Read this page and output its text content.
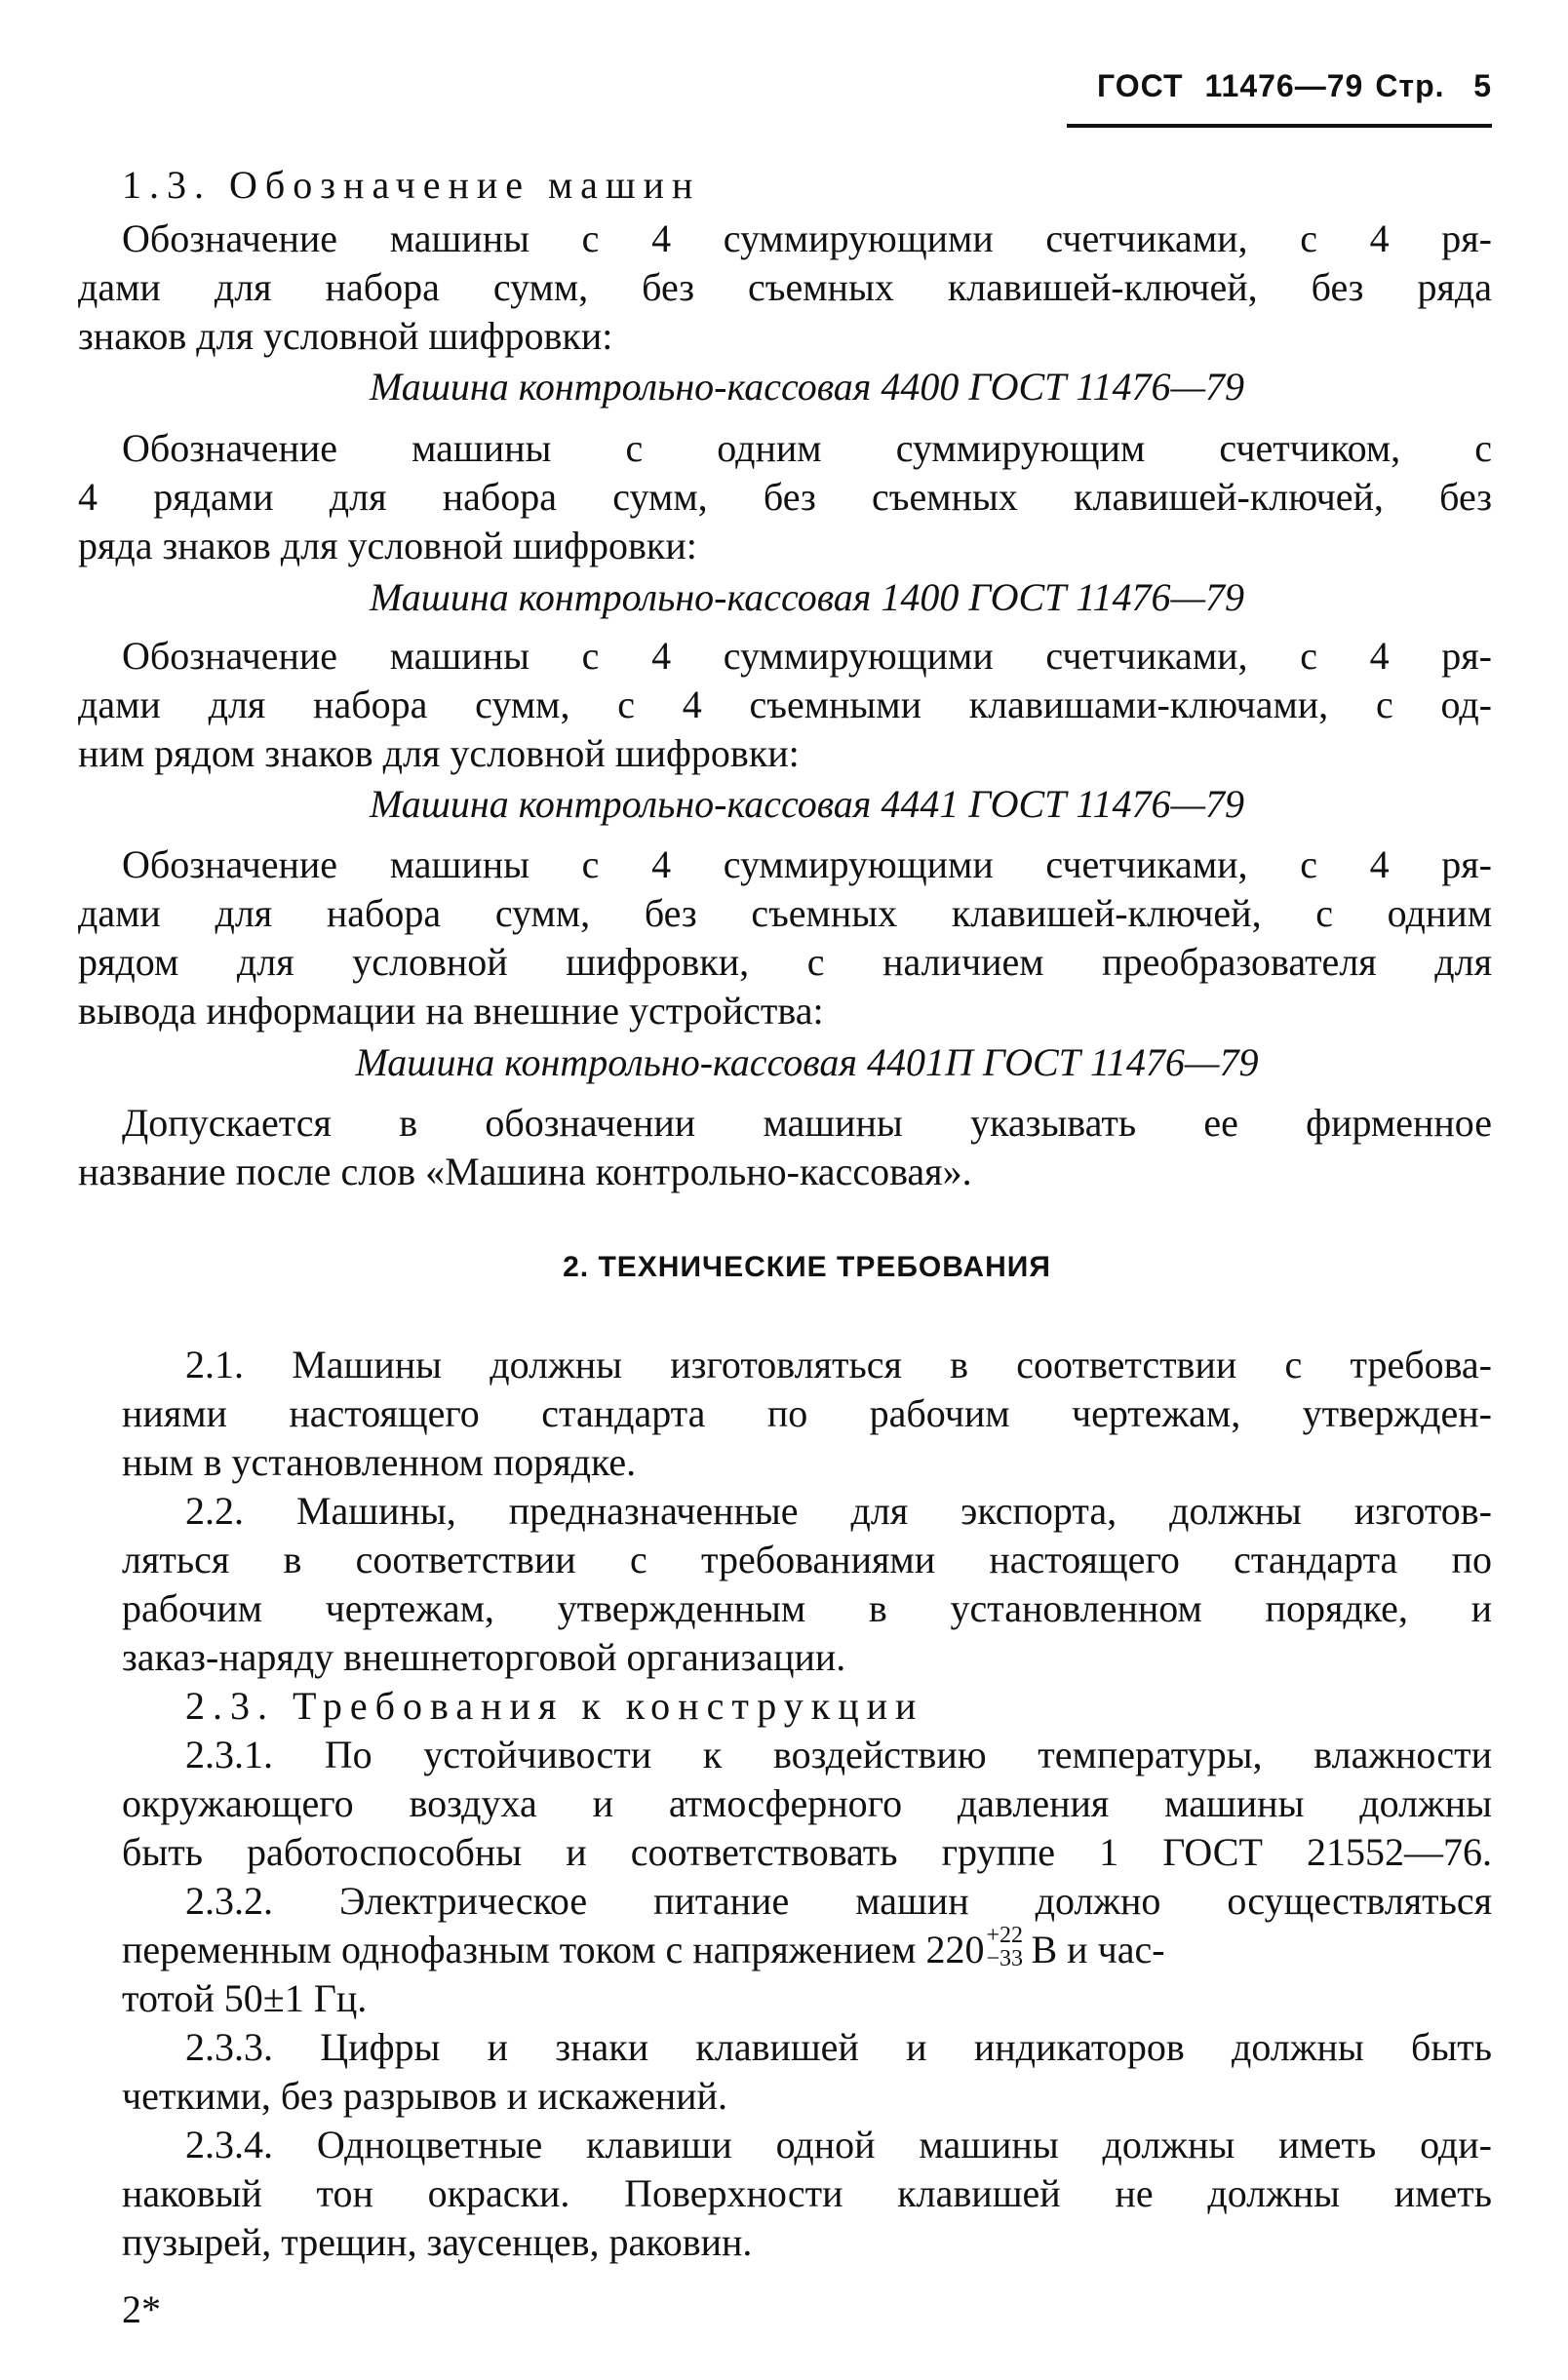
ГОСТ 11476—79 Стр. 5
1.3. Обозначение машин
Обозначение машины с 4 суммирующими счетчиками, с 4 ря-
дами для набора сумм, без съемных клавишей-ключей, без ряда
знаков для условной шифровки:
Машина контрольно-кассовая 4400 ГОСТ 11476—79
Обозначение машины с одним суммирующим счетчиком, с
4 рядами для набора сумм, без съемных клавишей-ключей, без
ряда знаков для условной шифровки:
Машина контрольно-кассовая 1400 ГОСТ 11476—79
Обозначение машины с 4 суммирующими счетчиками, с 4 ря-
дами для набора сумм, с 4 съемными клавишами-ключами, с од-
ним рядом знаков для условной шифровки:
Машина контрольно-кассовая 4441 ГОСТ 11476—79
Обозначение машины с 4 суммирующими счетчиками, с 4 ря-
дами для набора сумм, без съемных клавишей-ключей, с одним
рядом для условной шифровки, с наличием преобразователя для
вывода информации на внешние устройства:
Машина контрольно-кассовая 4401П ГОСТ 11476—79
Допускается в обозначении машины указывать ее фирменное
название после слов «Машина контрольно-кассовая».
2. ТЕХНИЧЕСКИЕ ТРЕБОВАНИЯ
2.1. Машины должны изготовляться в соответствии с требова-
ниями настоящего стандарта по рабочим чертежам, утвержден-
ным в установленном порядке.
2.2. Машины, предназначенные для экспорта, должны изготов-
ляться в соответствии с требованиями настоящего стандарта по
рабочим чертежам, утвержденным в установленном порядке, и
заказ-наряду внешнеторговой организации.
2.3. Требования к конструкции
2.3.1. По устойчивости к воздействию температуры, влажности
окружающего воздуха и атмосферного давления машины должны
быть работоспособны и соответствовать группе 1 ГОСТ 21552—76.
2.3.2. Электрическое питание машин должно осуществляться
переменным однофазным током с напряжением 220 +22
−33 В и час-
тотой 50±1 Гц.
2.3.3. Цифры и знаки клавишей и индикаторов должны быть
четкими, без разрывов и искажений.
2.3.4. Одноцветные клавиши одной машины должны иметь оди-
наковый тон окраски. Поверхности клавишей не должны иметь
пузырей, трещин, заусенцев, раковин.
2*
